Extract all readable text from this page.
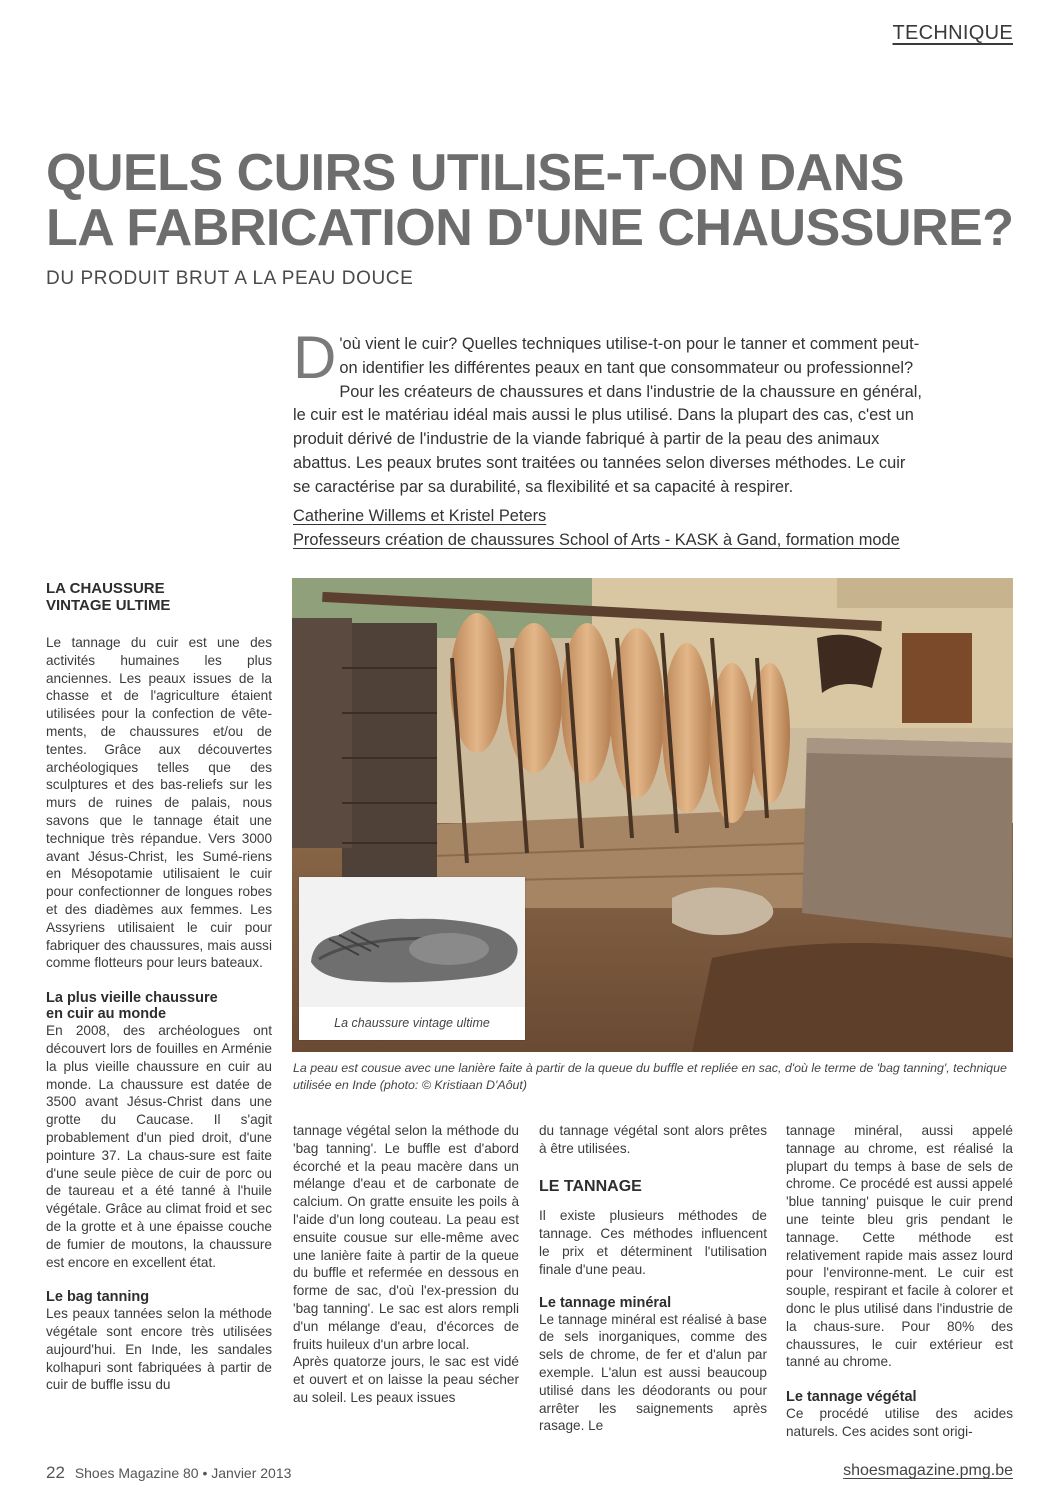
TECHNIQUE
QUELS CUIRS UTILISE-T-ON DANS
LA FABRICATION D'UNE CHAUSSURE?
DU PRODUIT BRUT A LA PEAU DOUCE

D 'où vient le cuir? Quelles techniques utilise-t-on pour le tanner et comment peut-on identifier les différentes peaux en tant que consommateur ou professionnel? Pour les créateurs de chaussures et dans l'industrie de la chaussure en général, le cuir est le matériau idéal mais aussi le plus utilisé. Dans la plupart des cas, c'est un produit dérivé de l'industrie de la viande fabriqué à partir de la peau des animaux abattus. Les peaux brutes sont traitées ou tannées selon diverses méthodes. Le cuir se caractérise par sa durabilité, sa flexibilité et sa capacité à respirer.

Catherine Willems et Kristel Peters
Professeurs création de chaussures School of Arts - KASK à Gand, formation mode
LA CHAUSSURE
VINTAGE ULTIME

Le tannage du cuir est une des activités humaines les plus anciennes. Les peaux issues de la chasse et de l'agriculture étaient utilisées pour la confection de vête-ments, de chaussures et/ou de tentes. Grâce aux découvertes archéologiques telles que des sculptures et des bas-reliefs sur les murs de ruines de palais, nous savons que le tannage était une technique très répandue. Vers 3000 avant Jésus-Christ, les Sumé-riens en Mésopotamie utilisaient le cuir pour confectionner de longues robes et des diadèmes aux femmes. Les Assyriens utilisaient le cuir pour fabriquer des chaussures, mais aussi comme flotteurs pour leurs bateaux.

La plus vieille chaussure
en cuir au monde

En 2008, des archéologues ont découvert lors de fouilles en Arménie la plus vieille chaussure en cuir au monde. La chaussure est datée de 3500 avant Jésus-Christ dans une grotte du Caucase. Il s'agit probablement d'un pied droit, d'une pointure 37. La chaus-sure est faite d'une seule pièce de cuir de porc ou de taureau et a été tanné à l'huile végétale. Grâce au climat froid et sec de la grotte et à une épaisse couche de fumier de moutons, la chaussure est encore en excellent état.

Le bag tanning

Les peaux tannées selon la méthode végétale sont encore très utilisées aujourd'hui. En Inde, les sandales kolhapuri sont fabriquées à partir de cuir de buffle issu du

La chaussure vintage ultime
La peau est cousue avec une lanière faite à partir de la queue du buffle et repliée en sac, d'où le terme de 'bag tanning', technique utilisée en Inde (photo: © Kristiaan D'Aôut)

tannage végétal selon la méthode du 'bag tanning'. Le buffle est d'abord écorché et la peau macère dans un mélange d'eau et de carbonate de calcium. On gratte ensuite les poils à l'aide d'un long couteau. La peau est ensuite cousue sur elle-même avec une lanière faite à partir de la queue du buffle et refermée en dessous en forme de sac, d'où l'ex-pression du 'bag tanning'. Le sac est alors rempli d'un mélange d'eau, d'écorces de fruits huileux d'un arbre local.

Après quatorze jours, le sac est vidé et ouvert et on laisse la peau sécher au soleil. Les peaux issues

du tannage végétal sont alors prêtes à être utilisées.

LE TANNAGE

Il existe plusieurs méthodes de tannage. Ces méthodes influencent le prix et déterminent l'utilisation finale d'une peau.

Le tannage minéral

Le tannage minéral est réalisé à base de sels inorganiques, comme des sels de chrome, de fer et d'alun par exemple. L'alun est aussi beaucoup utilisé dans les déodorants ou pour arrêter les saignements après rasage. Le

tannage minéral, aussi appelé tannage au chrome, est réalisé la plupart du temps à base de sels de chrome. Ce procédé est aussi appelé 'blue tanning' puisque le cuir prend une teinte bleu gris pendant le tannage. Cette méthode est relativement rapide mais assez lourd pour l'environne-ment. Le cuir est souple, respirant et facile à colorer et donc le plus utilisé dans l'industrie de la chaus-sure. Pour 80% des chaussures, le cuir extérieur est tanné au chrome.

Le tannage végétal

Ce procédé utilise des acides naturels. Ces acides sont origi-

22 Shoes Magazine 80 • Janvier 2013	shoesmagazine.pmg.be
